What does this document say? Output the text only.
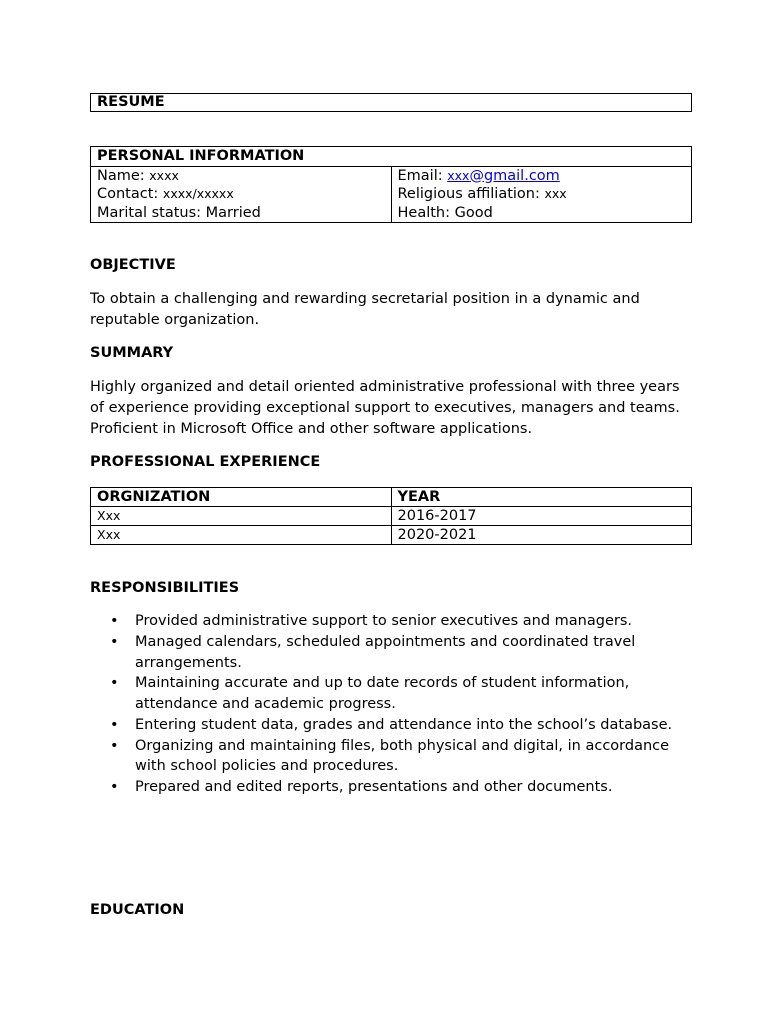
RESUME
PERSONAL INFORMATION

Name: xxxx
Contact: xxxx/xxxxx
Marital status: Married

Email: xxx@gmail.com
Religious affiliation: xxx
Health: Good
OBJECTIVE
To obtain a challenging and rewarding secretarial position in a dynamic and reputable organization.
SUMMARY
Highly organized and detail oriented administrative professional with three years of experience providing exceptional support to executives, managers and teams. Proficient in Microsoft Office and other software applications.
PROFESSIONAL EXPERIENCE
ORGNIZATION	YEAR
Xxx	2016-2017
Xxx	2020-2021
RESPONSIBILITIES
• Provided administrative support to senior executives and managers.
• Managed calendars, scheduled appointments and coordinated travel arrangements.
• Maintaining accurate and up to date records of student information, attendance and academic progress.
• Entering student data, grades and attendance into the school’s database.
• Organizing and maintaining files, both physical and digital, in accordance with school policies and procedures.
• Prepared and edited reports, presentations and other documents.
EDUCATION
